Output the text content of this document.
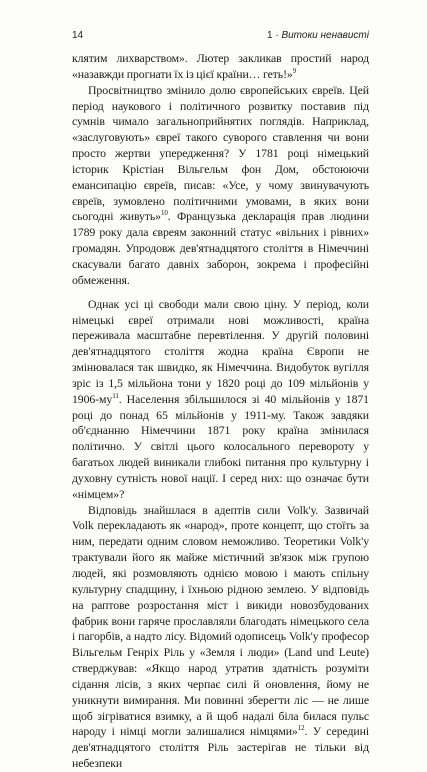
14	1 · Витоки ненависті

клятим лихварством». Лютер закликав простий народ «назавжди прогнати їх із цієї країни… геть!»$^9$

Просвітництво змінило долю європейських євреїв. Цей період наукового і політичного розвитку поставив під сумнів чимало загальноприйнятих поглядів. Наприклад, «заслуговують» євреї такого суворого ставлення чи вони просто жертви упередження? У 1781 році німецький історик Крістіан Вільгельм фон Дом, обстоюючи емансипацію євреїв, писав: «Усе, у чому звинувачують євреїв, зумовлено політичними умовами, в яких вони сьогодні живуть»$^{10}$. Французька декларація прав людини 1789 року дала євреям законний статус «вільних і рівних» громадян. Упродовж дев'ятнадцятого століття в Німеччині скасували багато давніх заборон, зокрема і професійні обмеження.

Однак усі ці свободи мали свою ціну. У період, коли німецькі євреї отримали нові можливості, країна переживала масштабне перевтілення. У другій половині дев'ятнадцятого століття жодна країна Європи не змінювалася так швидко, як Німеччина. Видобуток вугілля зріс із 1,5 мільйона тони у 1820 році до 109 мільйонів у $1906-му^{11}$. Населення збільшилося зі 40 мільйонів у 1871 році до понад 65 мільйонів у 1911-му. Також завдяки об'єднанню Німеччини 1871 року країна змінилася політично. У світлі цього колосального перевороту у багатьох людей виникали глибокі питання про культурну і духовну сутність нової нації. І серед них: що означає бути «німцем»?

Відповідь знайшлася в адептів сили Volk'у. Зазвичай Volk перекладають як «народ», проте концепт, що стоїть за ним, передати одним словом неможливо. Теоретики Volk'у трактували його як майже містичний зв'язок між групою людей, які розмовляють однією мовою і мають спільну культурну спадщину, і їхньою рідною землею. У відповідь на раптове розростання міст і викиди новозбудованих фабрик вони гаряче прославляли благодать німецького села і пагорбів, а надто лісу. Відомий одописець Volk'у професор Вільгельм Генріх Ріль у «Земля і люди» (Land und Leute) стверджував: «Якщо народ утратив здатність розуміти сідання лісів, з яких черпає силі й оновлення, йому не уникнути вимирання. Ми повинні зберегти ліс — не лише щоб зігріватися взимку, а й щоб надалі біла билася пульс народу і німці могли залишалися німцями»$^{12}$. У середині дев'ятнадцятого століття Ріль застерігав не тільки від небезпеки
